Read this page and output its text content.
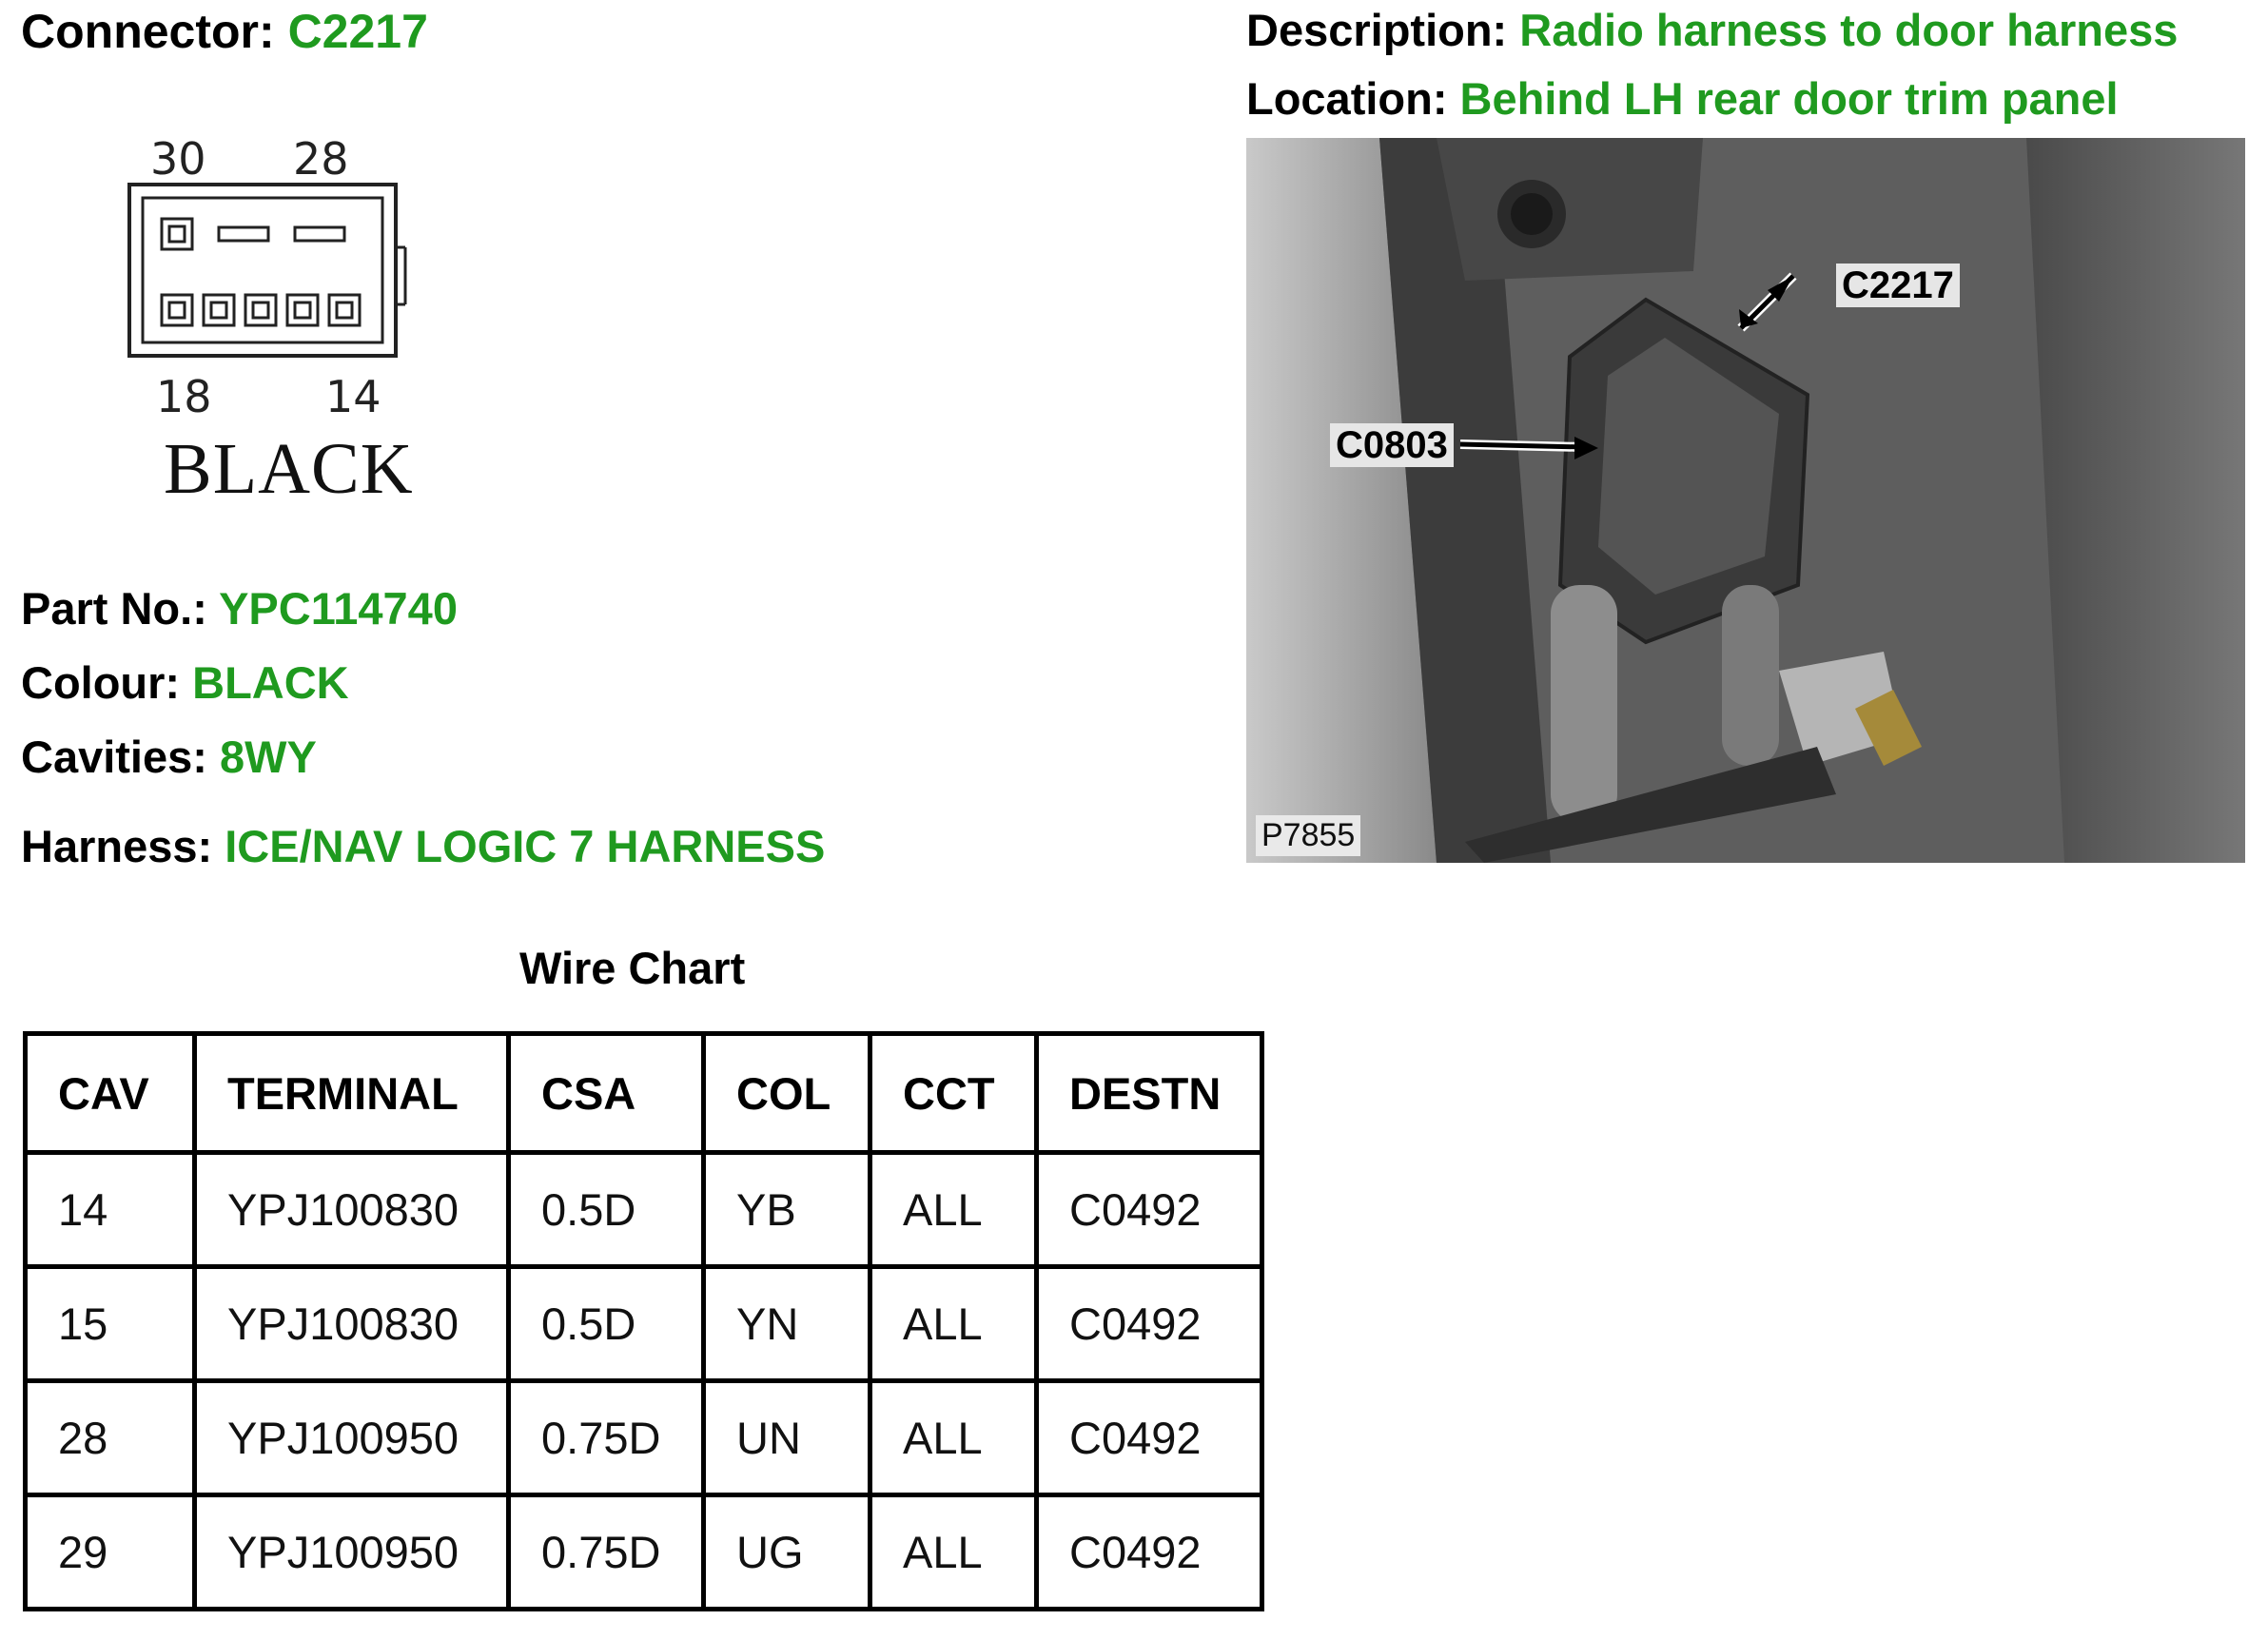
Connector: C2217	Description: Radio harness to door harness
Location: Behind LH rear door trim panel
30 28
18	14
BLACK
C2217
C0803
P7855
Part No.: YPC114740
Colour: BLACK
Cavities: 8WY
Harness: ICE/NAV LOGIC 7 HARNESS
Wire Chart
CAV	TERMINAL	CSA	COL	CCT	DESTN
14	YPJ100830	0.5D	YB	ALL	C0492
15	YPJ100830	0.5D	YN	ALL	C0492
28	YPJ100950	0.75D	UN	ALL	C0492
29	YPJ100950	0.75D	UG	ALL	C0492
